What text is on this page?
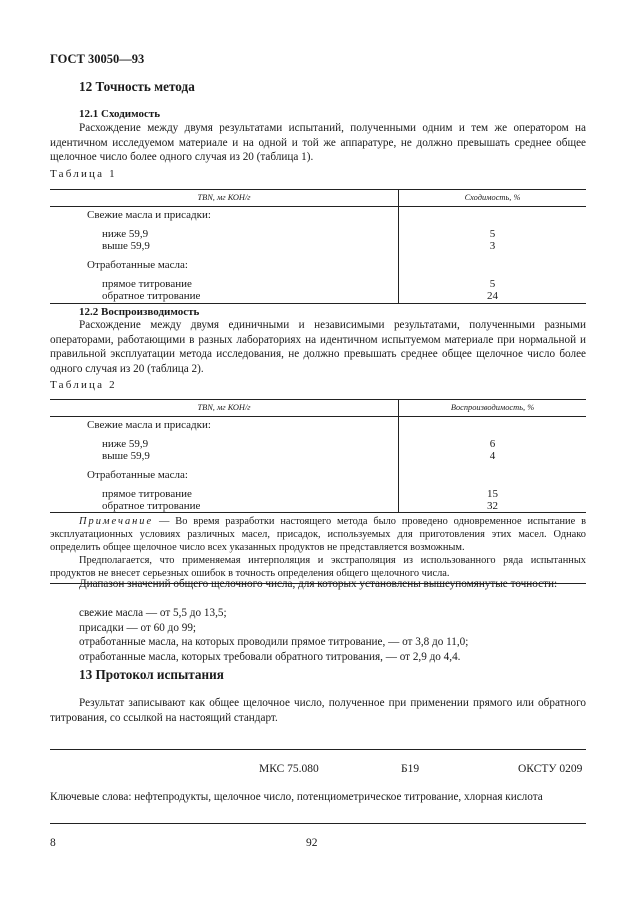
ГОСТ 30050—93
12 Точность метода
12.1 Сходимость

Расхождение между двумя результатами испытаний, полученными одним и тем же оператором на идентичном исследуемом материале и на одной и той же аппаратуре, не должно превышать среднее общее щелочное число более одного случая из 20 (таблица 1).

Таблица 1
TBN, мг КОН/г	Сходимость, %
Свежие масла и присадки:	

ниже 59,9	5
выше 59,9	3

Отработанные масла:	

прямое титрование	5
обратное титрование	24
12.2 Воспроизводимость

Расхождение между двумя единичными и независимыми результатами, полученными разными операторами, работающими в разных лабораториях на идентичном испытуемом материале при нормальной и правильной эксплуатации метода исследования, не должно превышать среднее общее щелочное число более одного случая из 20 (таблица 2).

Таблица 2
TBN, мг КОН/г	Воспроизводимость, %
Свежие масла и присадки:	

ниже 59,9	6
выше 59,9	4

Отработанные масла:	

прямое титрование	15
обратное титрование	32

Примечание — Во время разработки настоящего метода было проведено одновременное испытание в эксплуатационных условиях различных масел, присадок, используемых для приготовления этих масел. Однако определить общее щелочное число всех указанных продуктов не представляется возможным.

Предполагается, что применяемая интерполяция и экстраполяция из использованного ряда испытанных продуктов не внесет серьезных ошибок в точность определения общего щелочного числа.	

Диапазон значений общего щелочного числа, для которых установлены вышеупомянутые точности:

свежие масла — от 5,5 до 13,5;
присадки — от 60 до 99;
отработанные масла, на которых проводили прямое титрование, — от 3,8 до 11,0;
отработанные масла, которых требовали обратного титрования, — от 2,9 до 4,4.
13 Протокол испытания

Результат записывают как общее щелочное число, полученное при применении прямого или обратного титрования, со ссылкой на настоящий стандарт.

МКС 75.080	Б19	ОКСТУ 0209
Ключевые слова: нефтепродукты, щелочное число, потенциометрическое титрование, хлорная кислота
8	92
